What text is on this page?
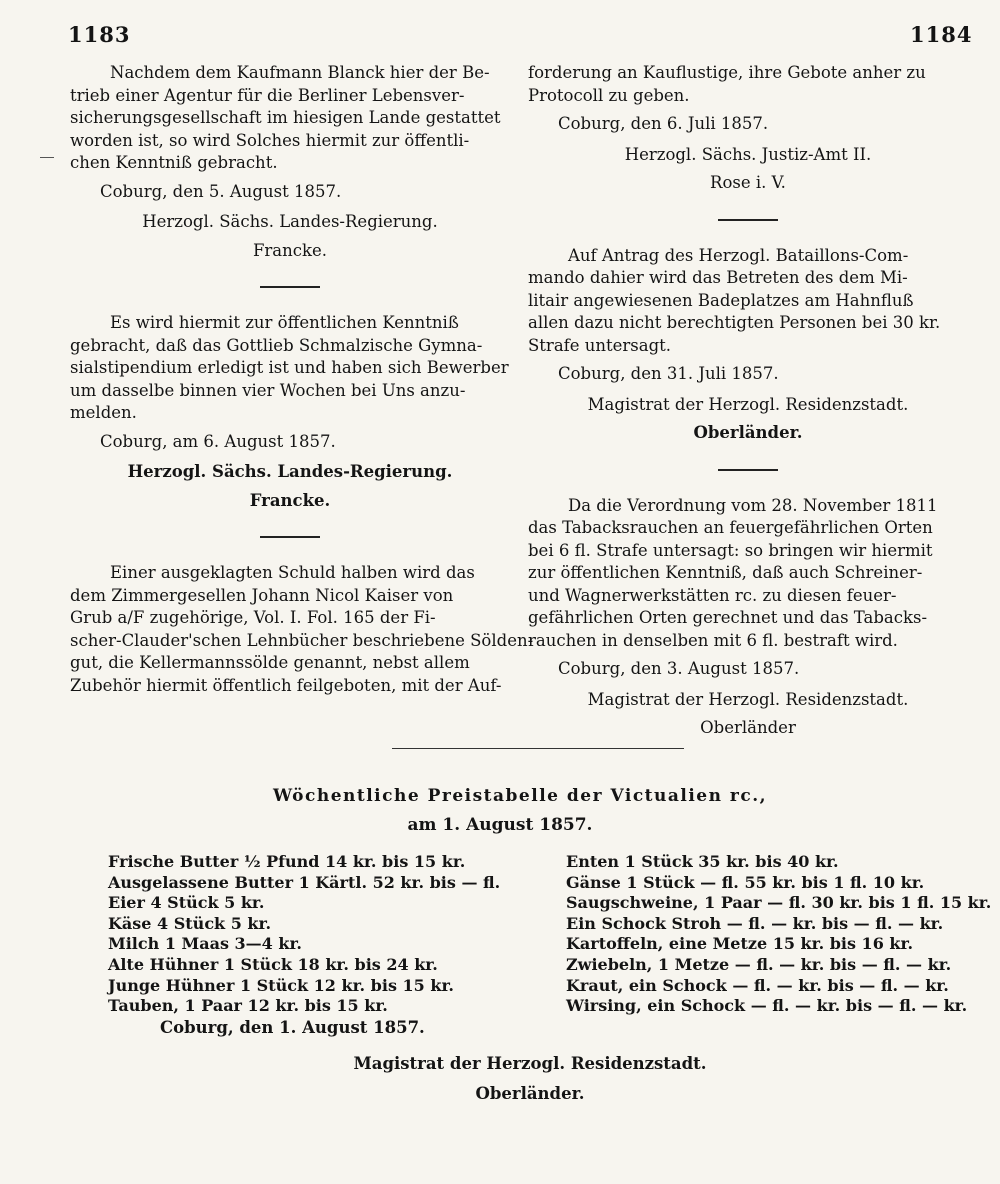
1183	1184
Nachdem dem Kaufmann Blanck hier der Be-
trieb einer Agentur für die Berliner Lebensver-
sicherungsgesellschaft im hiesigen Lande gestattet
worden ist, so wird Solches hiermit zur öffentli-
chen Kenntniß gebracht.
Coburg, den 5. August 1857.
Herzogl. Sächs. Landes-Regierung.
Francke.
Es wird hiermit zur öffentlichen Kenntniß
gebracht, daß das Gottlieb Schmalzische Gymna-
sialstipendium erledigt ist und haben sich Bewerber
um dasselbe binnen vier Wochen bei Uns anzu-
melden.
Coburg, am 6. August 1857.
Herzogl. Sächs. Landes-Regierung.
Francke.
Einer ausgeklagten Schuld halben wird das
dem Zimmergesellen Johann Nicol Kaiser von
Grub a/F zugehörige, Vol. I. Fol. 165 der Fi-
scher-Clauder'schen Lehnbücher beschriebene Sölden-
gut, die Kellermannssölde genannt, nebst allem
Zubehör hiermit öffentlich feilgeboten, mit der Auf-
forderung an Kauflustige, ihre Gebote anher zu
Protocoll zu geben.
Coburg, den 6. Juli 1857.
Herzogl. Sächs. Justiz-Amt II.
Rose i. V.
Auf Antrag des Herzogl. Bataillons-Com-
mando dahier wird das Betreten des dem Mi-
litair angewiesenen Badeplatzes am Hahnfluß
allen dazu nicht berechtigten Personen bei 30 kr.
Strafe untersagt.
Coburg, den 31. Juli 1857.
Magistrat der Herzogl. Residenzstadt.
Oberländer.
Da die Verordnung vom 28. November 1811
das Tabacksrauchen an feuergefährlichen Orten
bei 6 fl. Strafe untersagt: so bringen wir hiermit
zur öffentlichen Kenntniß, daß auch Schreiner-
und Wagnerwerkstätten rc. zu diesen feuer-
gefährlichen Orten gerechnet und das Tabacks-
rauchen in denselben mit 6 fl. bestraft wird.
Coburg, den 3. August 1857.
Magistrat der Herzogl. Residenzstadt.
Oberländer
Wöchentliche Preistabelle der Victualien rc.,
am 1. August 1857.
Frische Butter ½ Pfund 14 kr. bis 15 kr.
Ausgelassene Butter 1 Kärtl. 52 kr. bis — fl.
Eier 4 Stück 5 kr.
Käse 4 Stück 5 kr.
Milch 1 Maas 3—4 kr.
Alte Hühner 1 Stück 18 kr. bis 24 kr.
Junge Hühner 1 Stück 12 kr. bis 15 kr.
Tauben, 1 Paar 12 kr. bis 15 kr.
Enten 1 Stück 35 kr. bis 40 kr.
Gänse 1 Stück — fl. 55 kr. bis 1 fl. 10 kr.
Saugschweine, 1 Paar — fl. 30 kr. bis 1 fl. 15 kr.
Ein Schock Stroh — fl. — kr. bis — fl. — kr.
Kartoffeln, eine Metze 15 kr. bis 16 kr.
Zwiebeln, 1 Metze — fl. — kr. bis — fl. — kr.
Kraut, ein Schock — fl. — kr. bis — fl. — kr.
Wirsing, ein Schock — fl. — kr. bis — fl. — kr.
Coburg, den 1. August 1857.
Magistrat der Herzogl. Residenzstadt.
Oberländer.
